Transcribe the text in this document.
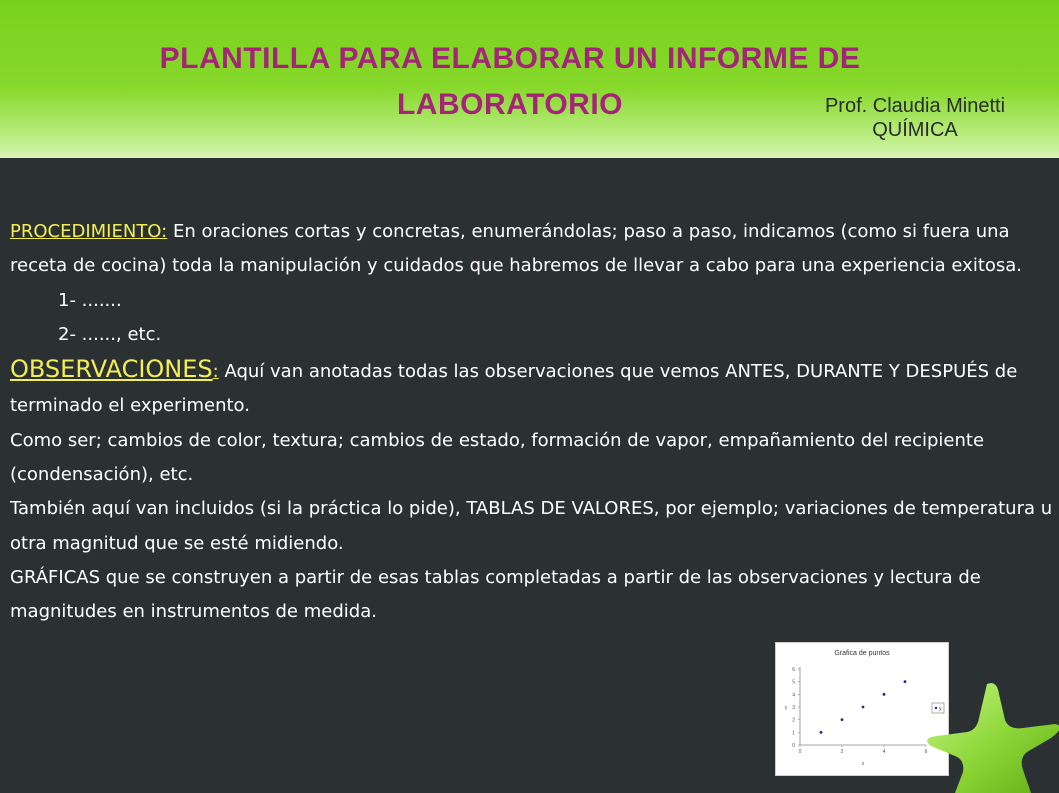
PLANTILLA PARA ELABORAR UN INFORME DE
LABORATORIO	Prof. Claudia Minetti
QUÍMICA

PROCEDIMIENTO: En oraciones cortas y concretas, enumerándolas; paso a paso, indicamos (como si fuera una receta de cocina) toda la manipulación y cuidados que habremos de llevar a cabo para una experiencia exitosa.

1- .......

2- ......, etc.

OBSERVACIONES: Aquí van anotadas todas las observaciones que vemos ANTES, DURANTE Y DESPUÉS de terminado el experimento.

Como ser; cambios de color, textura; cambios de estado, formación de vapor, empañamiento del recipiente (condensación), etc.

También aquí van incluidos (si la práctica lo pide), TABLAS DE VALORES, por ejemplo; variaciones de temperatura u otra magnitud que se esté midiendo.

GRÁFICAS que se construyen a partir de esas tablas completadas a partir de las observaciones y lectura de magnitudes en instrumentos de medida.

Grafica de puntos
0
1
2
3
4
5
6
0	2	4	6
x
y	y
